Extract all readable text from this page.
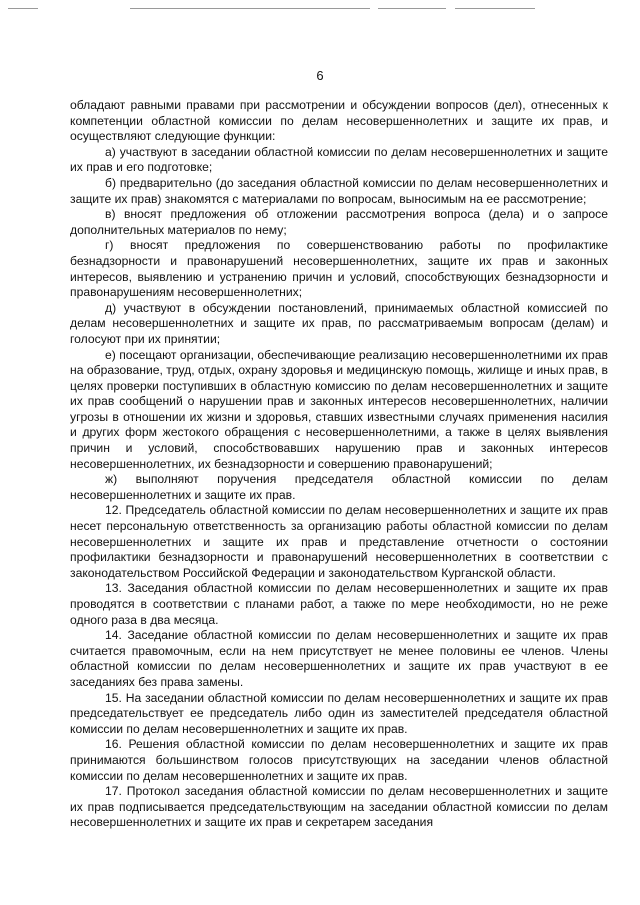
6

обладают равными правами при рассмотрении и обсуждении вопросов (дел), отнесенных к компетенции областной комиссии по делам несовершеннолетних и защите их прав, и осуществляют следующие функции:

а) участвуют в заседании областной комиссии по делам несовершеннолетних и защите их прав и его подготовке;

б) предварительно (до заседания областной комиссии по делам несовершеннолетних и защите их прав) знакомятся с материалами по вопросам, выносимым на ее рассмотрение;

в) вносят предложения об отложении рассмотрения вопроса (дела) и о запросе дополнительных материалов по нему;

г) вносят предложения по совершенствованию работы по профилактике безнадзорности и правонарушений несовершеннолетних, защите их прав и законных интересов, выявлению и устранению причин и условий, способствующих безнадзорности и правонарушениям несовершеннолетних;

д) участвуют в обсуждении постановлений, принимаемых областной комиссией по делам несовершеннолетних и защите их прав, по рассматриваемым вопросам (делам) и голосуют при их принятии;

е) посещают организации, обеспечивающие реализацию несовершеннолетними их прав на образование, труд, отдых, охрану здоровья и медицинскую помощь, жилище и иных прав, в целях проверки поступивших в областную комиссию по делам несовершеннолетних и защите их прав сообщений о нарушении прав и законных интересов несовершеннолетних, наличии угрозы в отношении их жизни и здоровья, ставших известными случаях применения насилия и других форм жестокого обращения с несовершеннолетними, а также в целях выявления причин и условий, способствовавших нарушению прав и законных интересов несовершеннолетних, их безнадзорности и совершению правонарушений;

ж) выполняют поручения председателя областной комиссии по делам несовершеннолетних и защите их прав.

12. Председатель областной комиссии по делам несовершеннолетних и защите их прав несет персональную ответственность за организацию работы областной комиссии по делам несовершеннолетних и защите их прав и представление отчетности о состоянии профилактики безнадзорности и правонарушений несовершеннолетних в соответствии с законодательством Российской Федерации и законодательством Курганской области.

13. Заседания областной комиссии по делам несовершеннолетних и защите их прав проводятся в соответствии с планами работ, а также по мере необходимости, но не реже одного раза в два месяца.

14. Заседание областной комиссии по делам несовершеннолетних и защите их прав считается правомочным, если на нем присутствует не менее половины ее членов. Члены областной комиссии по делам несовершеннолетних и защите их прав участвуют в ее заседаниях без права замены.

15. На заседании областной комиссии по делам несовершеннолетних и защите их прав председательствует ее председатель либо один из заместителей председателя областной комиссии по делам несовершеннолетних и защите их прав.

16. Решения областной комиссии по делам несовершеннолетних и защите их прав принимаются большинством голосов присутствующих на заседании членов областной комиссии по делам несовершеннолетних и защите их прав.

17. Протокол заседания областной комиссии по делам несовершеннолетних и защите их прав подписывается председательствующим на заседании областной комиссии по делам несовершеннолетних и защите их прав и секретарем заседания
